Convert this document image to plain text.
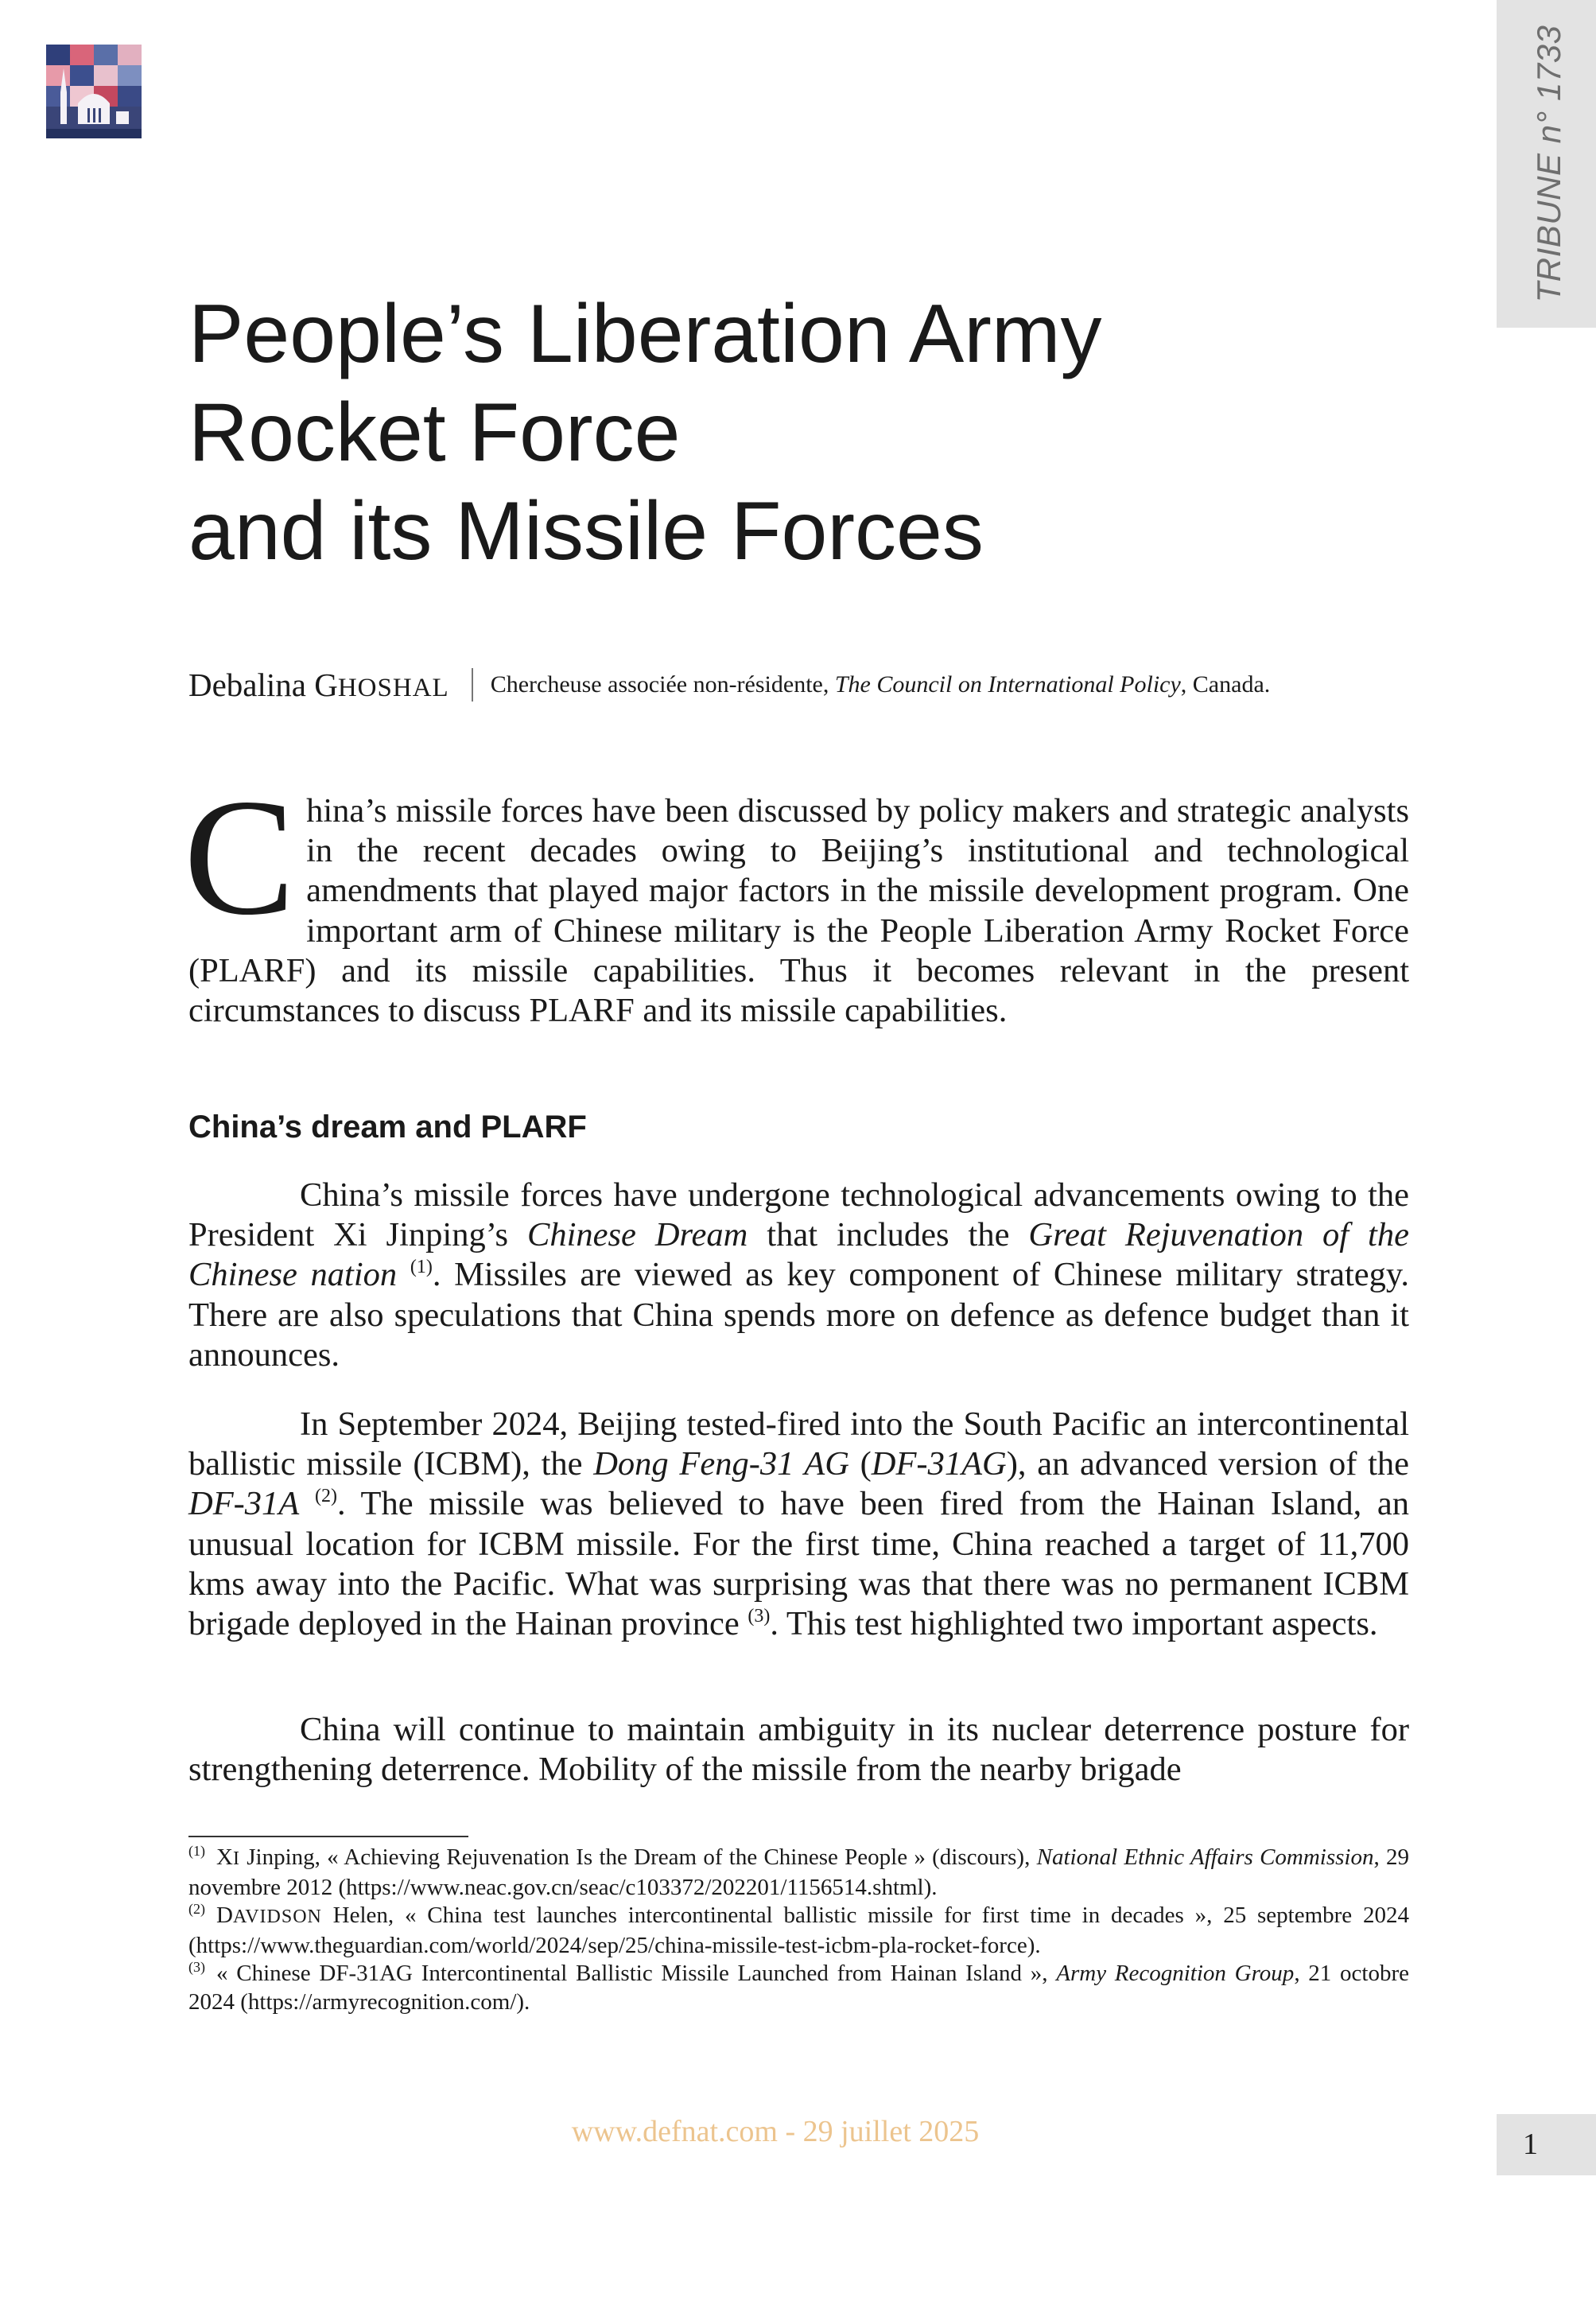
TRIBUNE n° 1733
People’s Liberation Army
Rocket Force
and its Missile Forces
Debalina GHOSHAL Chercheuse associée non-résidente, The Council on International Policy, Canada.

China’s missile forces have been discussed by policy makers and strategic analysts in the recent decades owing to Beijing’s institutional and technological amendments that played major factors in the missile development program. One important arm of Chinese military is the People Liberation Army Rocket Force (PLARF) and its missile capabilities. Thus it becomes relevant in the present circumstances to discuss PLARF and its missile capabilities.

China’s dream and PLARF

China’s missile forces have undergone technological advancements owing to the President Xi Jinping’s Chinese Dream that includes the Great Rejuvenation of the Chinese nation $^{(1)}$. Missiles are viewed as key component of Chinese military strategy. There are also speculations that China spends more on defence as defence budget than it announces.

In September 2024, Beijing tested-fired into the South Pacific an intercontinental ballistic missile (ICBM), the Dong Feng-31 AG (DF-31AG), an advanced version of the DF-31A $^{(2)}$. The missile was believed to have been fired from the Hainan Island, an unusual location for ICBM missile. For the first time, China reached a target of 11,700 kms away into the Pacific. What was surprising was that there was no permanent ICBM brigade deployed in the Hainan province $^{(3)}$. This test highlighted two important aspects.

China will continue to maintain ambiguity in its nuclear deterrence posture for strengthening deterrence. Mobility of the missile from the nearby brigade

$^{(1)}$ XI Jinping, « Achieving Rejuvenation Is the Dream of the Chinese People » (discours), National Ethnic Affairs Commission, 29 novembre 2012 (https://www.neac.gov.cn/seac/c103372/202201/1156514.shtml).

$^{(2)}$ DAVIDSON Helen, « China test launches intercontinental ballistic missile for first time in decades », 25 septembre 2024 (https://www.theguardian.com/world/2024/sep/25/china-missile-test-icbm-pla-rocket-force).

$^{(3)}$ « Chinese DF-31AG Intercontinental Ballistic Missile Launched from Hainan Island », Army Recognition Group, 21 octobre 2024 (https://armyrecognition.com/).

www.defnat.com - 29 juillet 2025	1
